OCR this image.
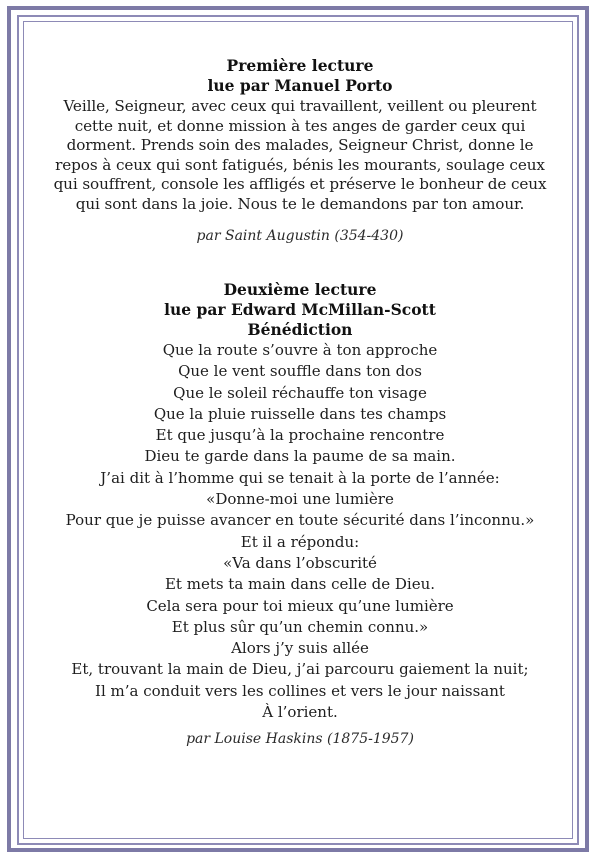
Première lecture
lue par Manuel Porto
Veille, Seigneur, avec ceux qui travaillent, veillent ou pleurent
cette nuit, et donne mission à tes anges de garder ceux qui
dorment. Prends soin des malades, Seigneur Christ, donne le
repos à ceux qui sont fatigués, bénis les mourants, soulage ceux
qui souffrent, console les affligés et préserve le bonheur de ceux
qui sont dans la joie. Nous te le demandons par ton amour.
par Saint Augustin (354-430)
Deuxième lecture
lue par Edward McMillan-Scott
Bénédiction
Que la route s’ouvre à ton approche
Que le vent souffle dans ton dos
Que le soleil réchauffe ton visage
Que la pluie ruisselle dans tes champs
Et que jusqu’à la prochaine rencontre
Dieu te garde dans la paume de sa main.
J’ai dit à l’homme qui se tenait à la porte de l’année:
«Donne-moi une lumière
Pour que je puisse avancer en toute sécurité dans l’inconnu.»
Et il a répondu:
«Va dans l’obscurité
Et mets ta main dans celle de Dieu.
Cela sera pour toi mieux qu’une lumière
Et plus sûr qu’un chemin connu.»
Alors j’y suis allée
Et, trouvant la main de Dieu, j’ai parcouru gaiement la nuit;
Il m’a conduit vers les collines et vers le jour naissant
À l’orient.
par Louise Haskins (1875-1957)
